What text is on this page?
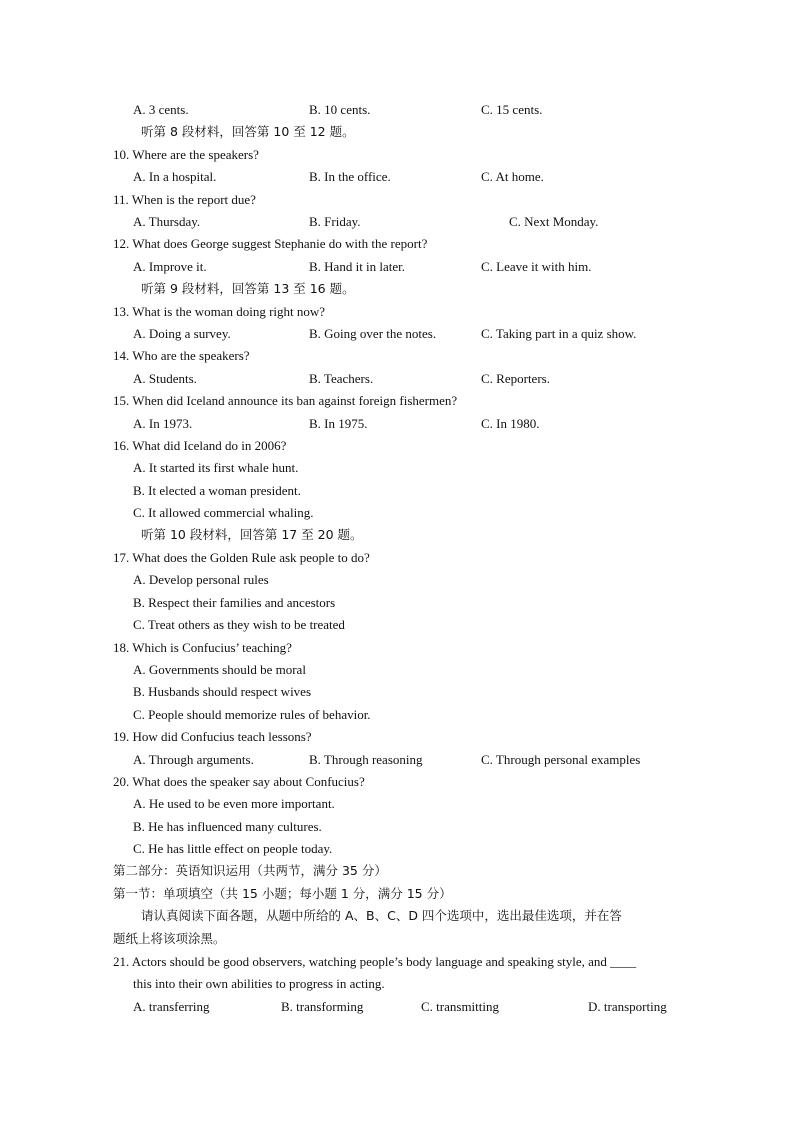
A. 3 cents.	B. 10 cents.	C. 15 cents.
听第 8 段材料，回答第 10 至 12 题。
10. Where are the speakers?
A. In a hospital.	B. In the office.	C. At home.
11. When is the report due?
A. Thursday.	B. Friday.	C. Next Monday.
12. What does George suggest Stephanie do with the report?
A. Improve it.	B. Hand it in later.	C. Leave it with him.
听第 9 段材料，回答第 13 至 16 题。
13. What is the woman doing right now?
A. Doing a survey.	B. Going over the notes.	C. Taking part in a quiz show.
14. Who are the speakers?
A. Students.	B. Teachers.	C. Reporters.
15. When did Iceland announce its ban against foreign fishermen?
A. In 1973.	B. In 1975.	C. In 1980.
16. What did Iceland do in 2006?
A. It started its first whale hunt.
B. It elected a woman president.
C. It allowed commercial whaling.
听第 10 段材料，回答第 17 至 20 题。
17. What does the Golden Rule ask people to do?
A. Develop personal rules
B. Respect their families and ancestors
C. Treat others as they wish to be treated
18. Which is Confucius’ teaching?
A. Governments should be moral
B. Husbands should respect wives
C. People should memorize rules of behavior.
19. How did Confucius teach lessons?
A. Through arguments.	B. Through reasoning	C. Through personal examples
20. What does the speaker say about Confucius?
A. He used to be even more important.
B. He has influenced many cultures.
C. He has little effect on people today.
第二部分：英语知识运用（共两节，满分 35 分）
第一节：单项填空（共 15 小题；每小题 1 分，满分 15 分）
请认真阅读下面各题，从题中所给的 A、B、C、D 四个选项中，选出最佳选项，并在答
题纸上将该项涂黑。
21. Actors should be good observers, watching people’s body language and speaking style, and ____
this into their own abilities to progress in acting.
A. transferring	B. transforming	C. transmitting	D. transporting
